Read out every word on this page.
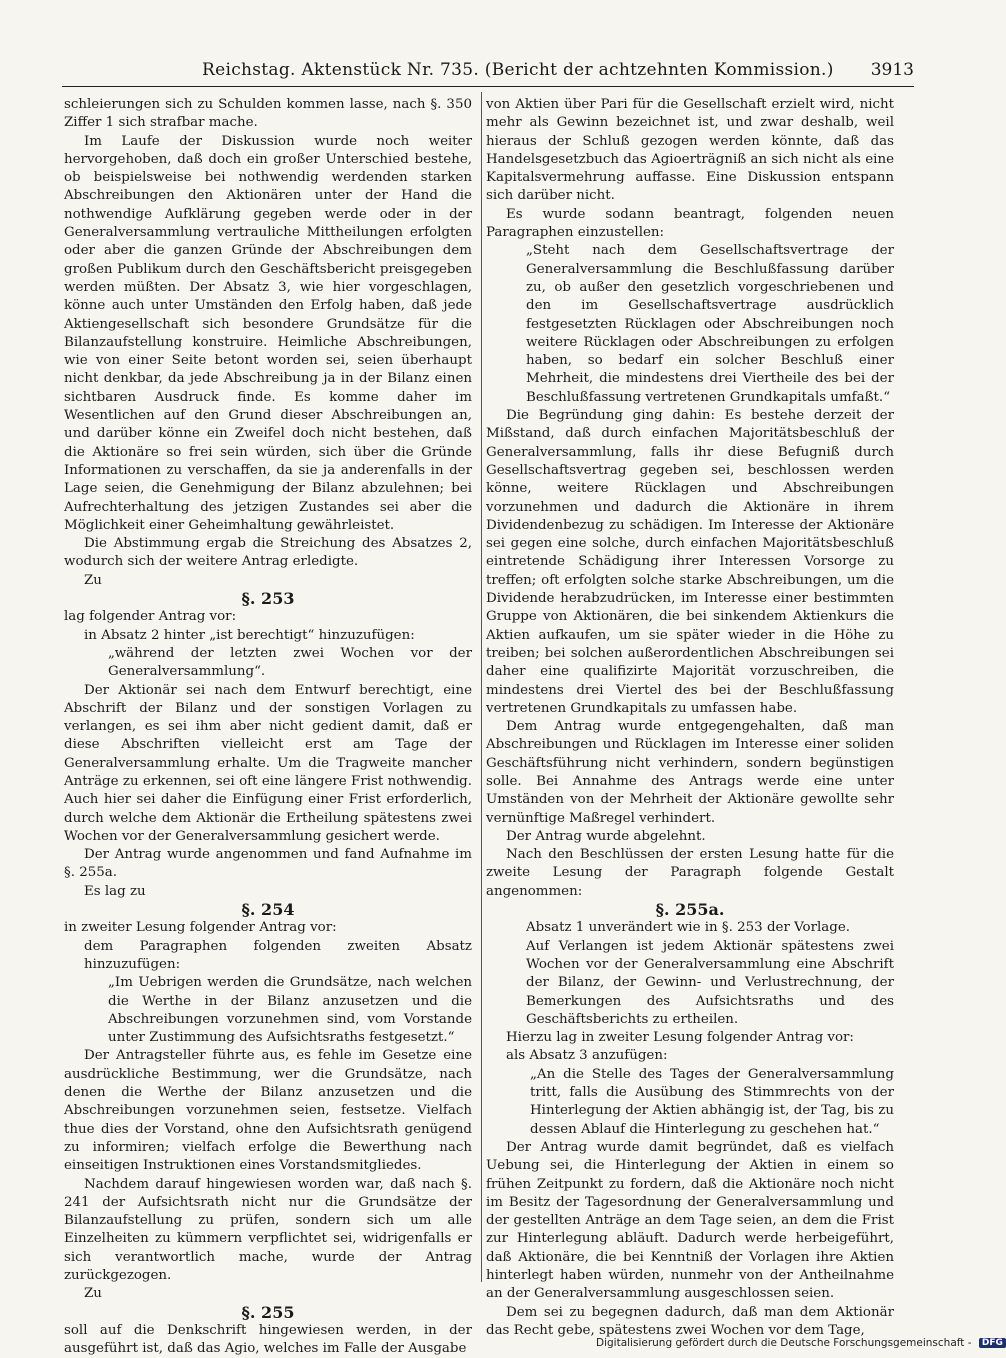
Reichstag. Aktenstück Nr. 735. (Bericht der achtzehnten Kommission.) 3913

schleierungen sich zu Schulden kommen lasse, nach §. 350 Ziffer 1 sich strafbar mache.

Im Laufe der Diskussion wurde noch weiter hervorgehoben, daß doch ein großer Unterschied bestehe, ob beispielsweise bei nothwendig werdenden starken Abschreibungen den Aktionären unter der Hand die nothwendige Aufklärung gegeben werde oder in der Generalversammlung vertrauliche Mittheilungen erfolgten oder aber die ganzen Gründe der Abschreibungen dem großen Publikum durch den Geschäftsbericht preisgegeben werden müßten. Der Absatz 3, wie hier vorgeschlagen, könne auch unter Umständen den Erfolg haben, daß jede Aktiengesellschaft sich besondere Grundsätze für die Bilanzaufstellung konstruire. Heimliche Abschreibungen, wie von einer Seite betont worden sei, seien überhaupt nicht denkbar, da jede Abschreibung ja in der Bilanz einen sichtbaren Ausdruck finde. Es komme daher im Wesentlichen auf den Grund dieser Abschreibungen an, und darüber könne ein Zweifel doch nicht bestehen, daß die Aktionäre so frei sein würden, sich über die Gründe Informationen zu verschaffen, da sie ja anderenfalls in der Lage seien, die Genehmigung der Bilanz abzulehnen; bei Aufrechterhaltung des jetzigen Zustandes sei aber die Möglichkeit einer Geheimhaltung gewährleistet.

Die Abstimmung ergab die Streichung des Absatzes 2, wodurch sich der weitere Antrag erledigte.

Zu

§. 253

lag folgender Antrag vor:

in Absatz 2 hinter „ist berechtigt“ hinzuzufügen:

„während der letzten zwei Wochen vor der Generalversammlung“.

Der Aktionär sei nach dem Entwurf berechtigt, eine Abschrift der Bilanz und der sonstigen Vorlagen zu verlangen, es sei ihm aber nicht gedient damit, daß er diese Abschriften vielleicht erst am Tage der Generalversammlung erhalte. Um die Tragweite mancher Anträge zu erkennen, sei oft eine längere Frist nothwendig. Auch hier sei daher die Einfügung einer Frist erforderlich, durch welche dem Aktionär die Ertheilung spätestens zwei Wochen vor der Generalversammlung gesichert werde.

Der Antrag wurde angenommen und fand Aufnahme im §. 255a.

Es lag zu

§. 254

in zweiter Lesung folgender Antrag vor:

dem Paragraphen folgenden zweiten Absatz hinzuzufügen:

„Im Uebrigen werden die Grundsätze, nach welchen die Werthe in der Bilanz anzusetzen und die Abschreibungen vorzunehmen sind, vom Vorstande unter Zustimmung des Aufsichtsraths festgesetzt.“

Der Antragsteller führte aus, es fehle im Gesetze eine ausdrückliche Bestimmung, wer die Grundsätze, nach denen die Werthe der Bilanz anzusetzen und die Abschreibungen vorzunehmen seien, festsetze. Vielfach thue dies der Vorstand, ohne den Aufsichtsrath genügend zu informiren; vielfach erfolge die Bewerthung nach einseitigen Instruktionen eines Vorstandsmitgliedes.

Nachdem darauf hingewiesen worden war, daß nach §. 241 der Aufsichtsrath nicht nur die Grundsätze der Bilanzaufstellung zu prüfen, sondern sich um alle Einzelheiten zu kümmern verpflichtet sei, widrigenfalls er sich verantwortlich mache, wurde der Antrag zurückgezogen.

Zu

§. 255

soll auf die Denkschrift hingewiesen werden, in der ausgeführt ist, daß das Agio, welches im Falle der Ausgabe

von Aktien über Pari für die Gesellschaft erzielt wird, nicht mehr als Gewinn bezeichnet ist, und zwar deshalb, weil hieraus der Schluß gezogen werden könnte, daß das Handelsgesetzbuch das Agioerträgniß an sich nicht als eine Kapitalsvermehrung auffasse. Eine Diskussion entspann sich darüber nicht.

Es wurde sodann beantragt, folgenden neuen Paragraphen einzustellen:

„Steht nach dem Gesellschaftsvertrage der Generalversammlung die Beschlußfassung darüber zu, ob außer den gesetzlich vorgeschriebenen und den im Gesellschaftsvertrage ausdrücklich festgesetzten Rücklagen oder Abschreibungen noch weitere Rücklagen oder Abschreibungen zu erfolgen haben, so bedarf ein solcher Beschluß einer Mehrheit, die mindestens drei Viertheile des bei der Beschlußfassung vertretenen Grundkapitals umfaßt.“

Die Begründung ging dahin: Es bestehe derzeit der Mißstand, daß durch einfachen Majoritätsbeschluß der Generalversammlung, falls ihr diese Befugniß durch Gesellschaftsvertrag gegeben sei, beschlossen werden könne, weitere Rücklagen und Abschreibungen vorzunehmen und dadurch die Aktionäre in ihrem Dividendenbezug zu schädigen. Im Interesse der Aktionäre sei gegen eine solche, durch einfachen Majoritätsbeschluß eintretende Schädigung ihrer Interessen Vorsorge zu treffen; oft erfolgten solche starke Abschreibungen, um die Dividende herabzudrücken, im Interesse einer bestimmten Gruppe von Aktionären, die bei sinkendem Aktienkurs die Aktien aufkaufen, um sie später wieder in die Höhe zu treiben; bei solchen außerordentlichen Abschreibungen sei daher eine qualifizirte Majorität vorzuschreiben, die mindestens drei Viertel des bei der Beschlußfassung vertretenen Grundkapitals zu umfassen habe.

Dem Antrag wurde entgegengehalten, daß man Abschreibungen und Rücklagen im Interesse einer soliden Geschäftsführung nicht verhindern, sondern begünstigen solle. Bei Annahme des Antrags werde eine unter Umständen von der Mehrheit der Aktionäre gewollte sehr vernünftige Maßregel verhindert.

Der Antrag wurde abgelehnt.

Nach den Beschlüssen der ersten Lesung hatte für die zweite Lesung der Paragraph folgende Gestalt angenommen:

§. 255a.

Absatz 1 unverändert wie in §. 253 der Vorlage.

Auf Verlangen ist jedem Aktionär spätestens zwei Wochen vor der Generalversammlung eine Abschrift der Bilanz, der Gewinn- und Verlustrechnung, der Bemerkungen des Aufsichtsraths und des Geschäftsberichts zu ertheilen.

Hierzu lag in zweiter Lesung folgender Antrag vor:

als Absatz 3 anzufügen:

„An die Stelle des Tages der Generalversammlung tritt, falls die Ausübung des Stimmrechts von der Hinterlegung der Aktien abhängig ist, der Tag, bis zu dessen Ablauf die Hinterlegung zu geschehen hat.“

Der Antrag wurde damit begründet, daß es vielfach Uebung sei, die Hinterlegung der Aktien in einem so frühen Zeitpunkt zu fordern, daß die Aktionäre noch nicht im Besitz der Tagesordnung der Generalversammlung und der gestellten Anträge an dem Tage seien, an dem die Frist zur Hinterlegung abläuft. Dadurch werde herbeigeführt, daß Aktionäre, die bei Kenntniß der Vorlagen ihre Aktien hinterlegt haben würden, nunmehr von der Antheilnahme an der Generalversammlung ausgeschlossen seien.

Dem sei zu begegnen dadurch, daß man dem Aktionär das Recht gebe, spätestens zwei Wochen vor dem Tage,

Digitalisierung gefördert durch die Deutsche Forschungsgemeinschaft - DFG
